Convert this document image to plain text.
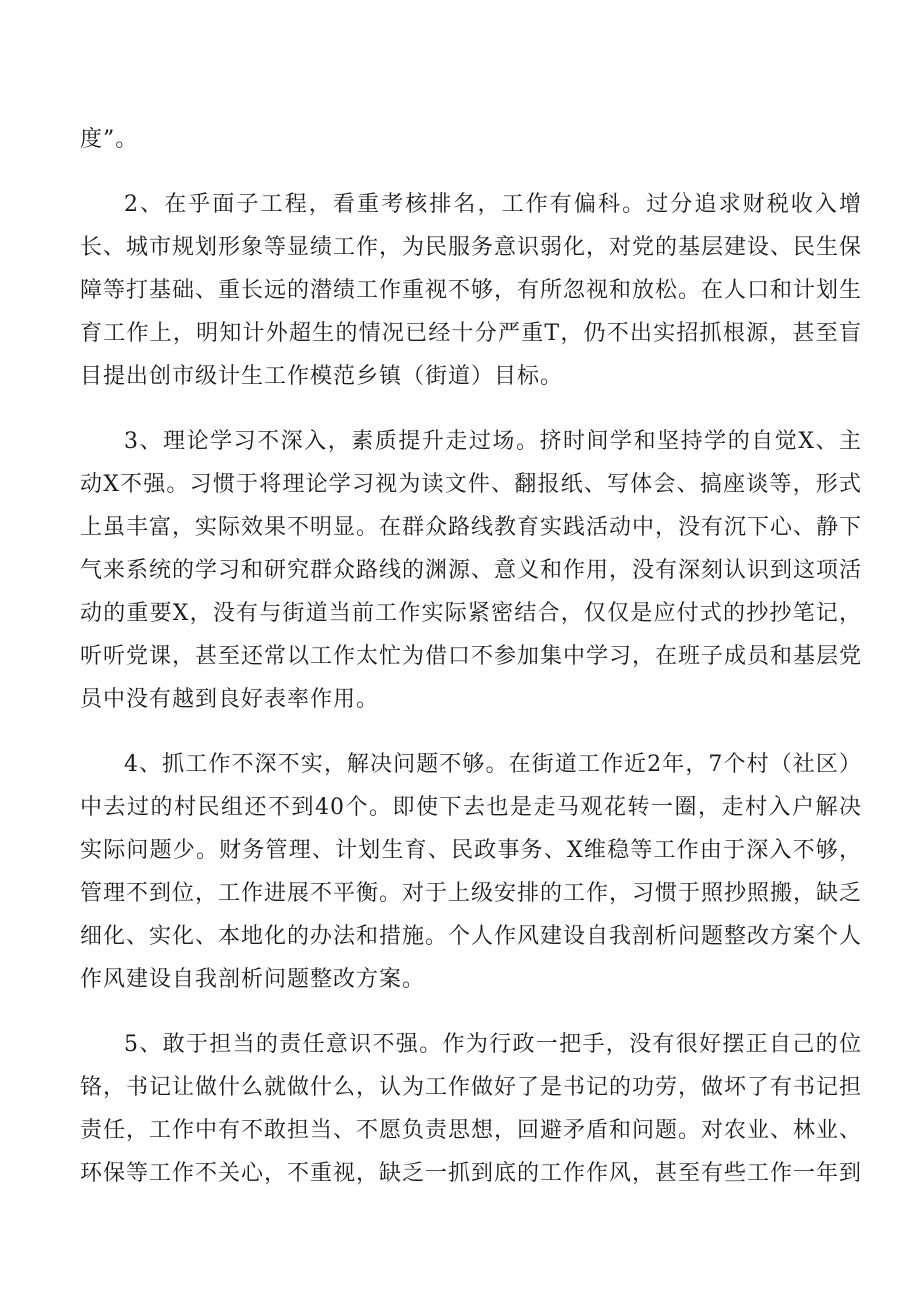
度”。

2、在乎面子工程，看重考核排名，工作有偏科。过分追求财税收入增长、城市规划形象等显绩工作，为民服务意识弱化，对党的基层建设、民生保障等打基础、重长远的潜绩工作重视不够，有所忽视和放松。在人口和计划生育工作上，明知计外超生的情况已经十分严重T，仍不出实招抓根源，甚至盲目提出创市级计生工作模范乡镇（街道）目标。

3、理论学习不深入，素质提升走过场。挤时间学和坚持学的自觉X、主动X不强。习惯于将理论学习视为读文件、翻报纸、写体会、搞座谈等，形式上虽丰富，实际效果不明显。在群众路线教育实践活动中，没有沉下心、静下气来系统的学习和研究群众路线的渊源、意义和作用，没有深刻认识到这项活动的重要X，没有与街道当前工作实际紧密结合，仅仅是应付式的抄抄笔记，听听党课，甚至还常以工作太忙为借口不参加集中学习，在班子成员和基层党员中没有越到良好表率作用。

4、抓工作不深不实，解决问题不够。在街道工作近2年，7个村（社区）中去过的村民组还不到40个。即使下去也是走马观花转一圈，走村入户解决实际问题少。财务管理、计划生育、民政事务、X维稳等工作由于深入不够，管理不到位，工作进展不平衡。对于上级安排的工作，习惯于照抄照搬，缺乏细化、实化、本地化的办法和措施。个人作风建设自我剖析问题整改方案个人作风建设自我剖析问题整改方案。

5、敢于担当的责任意识不强。作为行政一把手，没有很好摆正自己的位铬，书记让做什么就做什么，认为工作做好了是书记的功劳，做坏了有书记担责任，工作中有不敢担当、不愿负责思想，回避矛盾和问题。对农业、林业、环保等工作不关心，不重视，缺乏一抓到底的工作作风，甚至有些工作一年到
